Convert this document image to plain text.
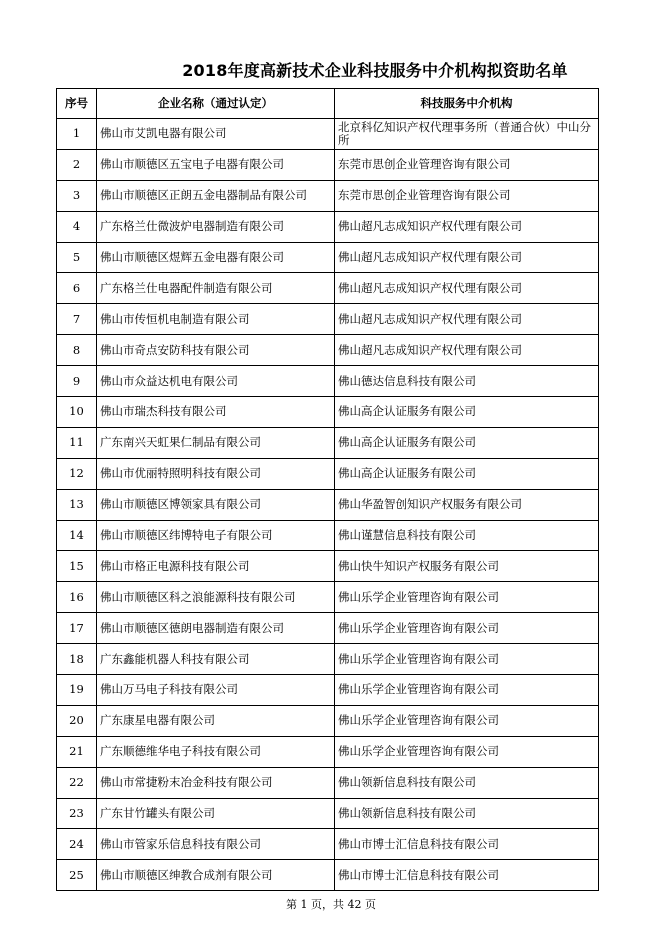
2018年度高新技术企业科技服务中介机构拟资助名单
序号	企业名称（通过认定）	科技服务中介机构
1	佛山市艾凯电器有限公司	北京科亿知识产权代理事务所（普通合伙）中山分所
2	佛山市顺德区五宝电子电器有限公司	东莞市思创企业管理咨询有限公司
3	佛山市顺德区正朗五金电器制品有限公司	东莞市思创企业管理咨询有限公司
4	广东格兰仕微波炉电器制造有限公司	佛山超凡志成知识产权代理有限公司
5	佛山市顺德区煜辉五金电器有限公司	佛山超凡志成知识产权代理有限公司
6	广东格兰仕电器配件制造有限公司	佛山超凡志成知识产权代理有限公司
7	佛山市传恒机电制造有限公司	佛山超凡志成知识产权代理有限公司
8	佛山市奇点安防科技有限公司	佛山超凡志成知识产权代理有限公司
9	佛山市众益达机电有限公司	佛山德达信息科技有限公司
10	佛山市瑞杰科技有限公司	佛山高企认证服务有限公司
11	广东南兴天虹果仁制品有限公司	佛山高企认证服务有限公司
12	佛山市优丽特照明科技有限公司	佛山高企认证服务有限公司
13	佛山市顺德区博领家具有限公司	佛山华盈智创知识产权服务有限公司
14	佛山市顺德区纬博特电子有限公司	佛山谨慧信息科技有限公司
15	佛山市格正电源科技有限公司	佛山快牛知识产权服务有限公司
16	佛山市顺德区科之浪能源科技有限公司	佛山乐学企业管理咨询有限公司
17	佛山市顺德区德朗电器制造有限公司	佛山乐学企业管理咨询有限公司
18	广东鑫能机器人科技有限公司	佛山乐学企业管理咨询有限公司
19	佛山万马电子科技有限公司	佛山乐学企业管理咨询有限公司
20	广东康星电器有限公司	佛山乐学企业管理咨询有限公司
21	广东顺德维华电子科技有限公司	佛山乐学企业管理咨询有限公司
22	佛山市常捷粉末冶金科技有限公司	佛山领新信息科技有限公司
23	广东甘竹罐头有限公司	佛山领新信息科技有限公司
24	佛山市管家乐信息科技有限公司	佛山市博士汇信息科技有限公司
25	佛山市顺德区绅教合成剂有限公司	佛山市博士汇信息科技有限公司
第 1 页，共 42 页
